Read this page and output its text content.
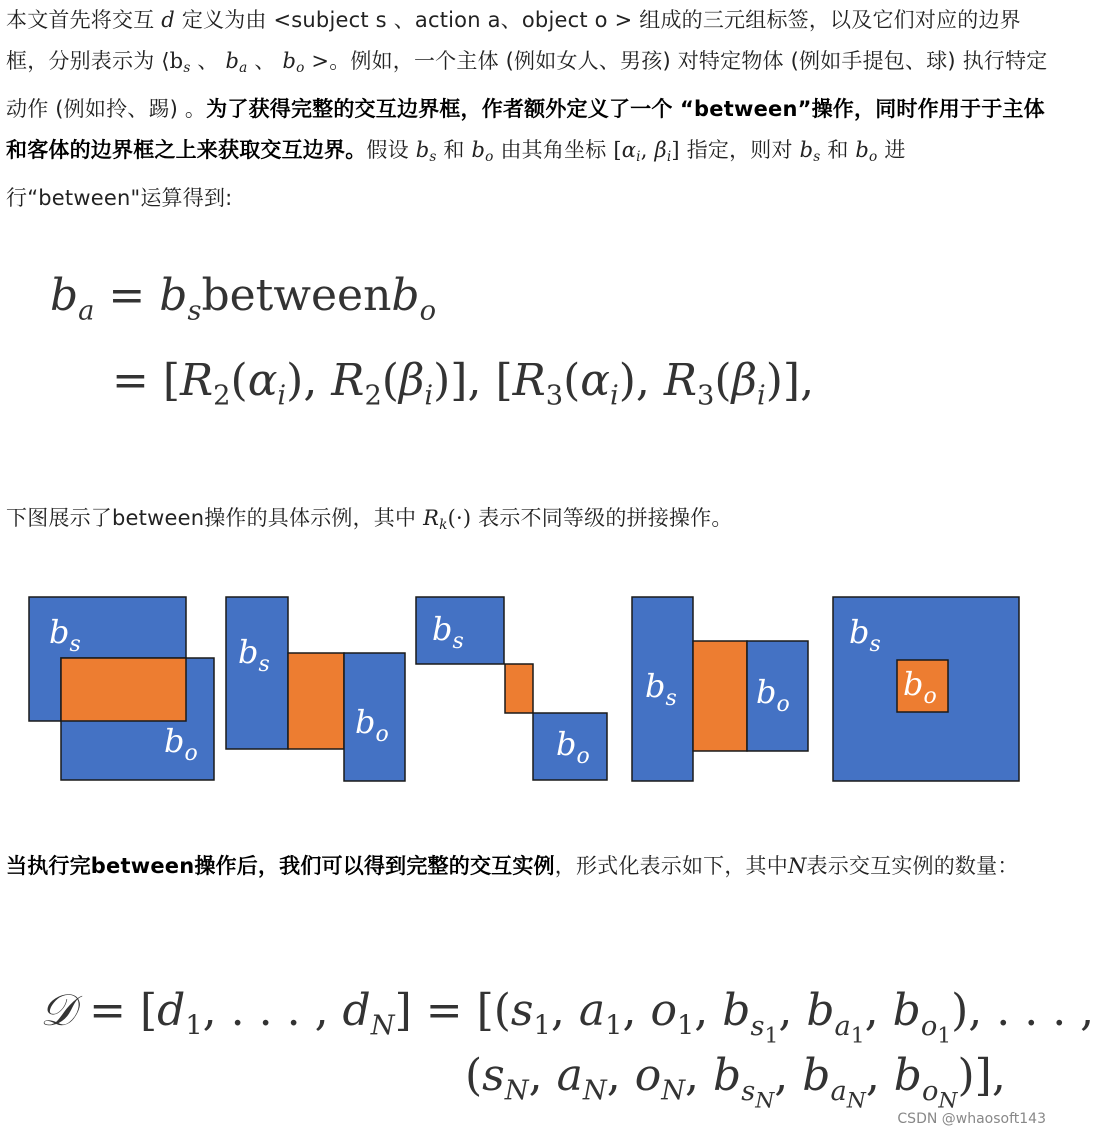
本文首先将交互 d 定义为由 <subject s 、action a、object o > 组成的三元组标签，以及它们对应的边界框，分别表示为 $⟨b_s$ 、 $b_a$ 、 $b_o$ >。例如，一个主体 (例如女人、男孩) 对特定物体 (例如手提包、球) 执行特定动作 (例如拎、踢) 。为了获得完整的交互边界框，作者额外定义了一个 “between”操作，同时作用于于主体和客体的边界框之上来获取交互边界。假设 $b_s$ 和 $b_o$ 由其角坐标 [$\alpha_i$, $\beta_i$] 指定，则对 $b_s$ 和 $b_o$ 进行“between"运算得到:
$b_a$ = $b_sbetweenb_o$
= [$R_2(\alpha_i)$, $R_2(\beta_i)$], [$R_3(\alpha_i)$, $R_3(\beta_i)$],
下图展示了between操作的具体示例，其中 $R_k(\cdot)$ 表示不同等级的拼接操作。
$b_s$
$b_o$
$b_s$
$b_o$
$b_s$
$b_o$
$b_s$ $b_o$
$b_s$
$b_o$
当执行完between操作后，我们可以得到完整的交互实例，形式化表示如下，其中N表示交互实例的数量：
𝒟 = [$d_1$, . . . , $d_N] = [(s_1$, $a_1$, $o_1$, $b_{s_1}$, $b_{a_1}$, $b_{o_1}$), . . . ,
($s_N$, $a_N$, $o_N$, $b_{s_N}$, $b_{a_N}$, $b_{o_N}$)],
CSDN @whaosoft143
